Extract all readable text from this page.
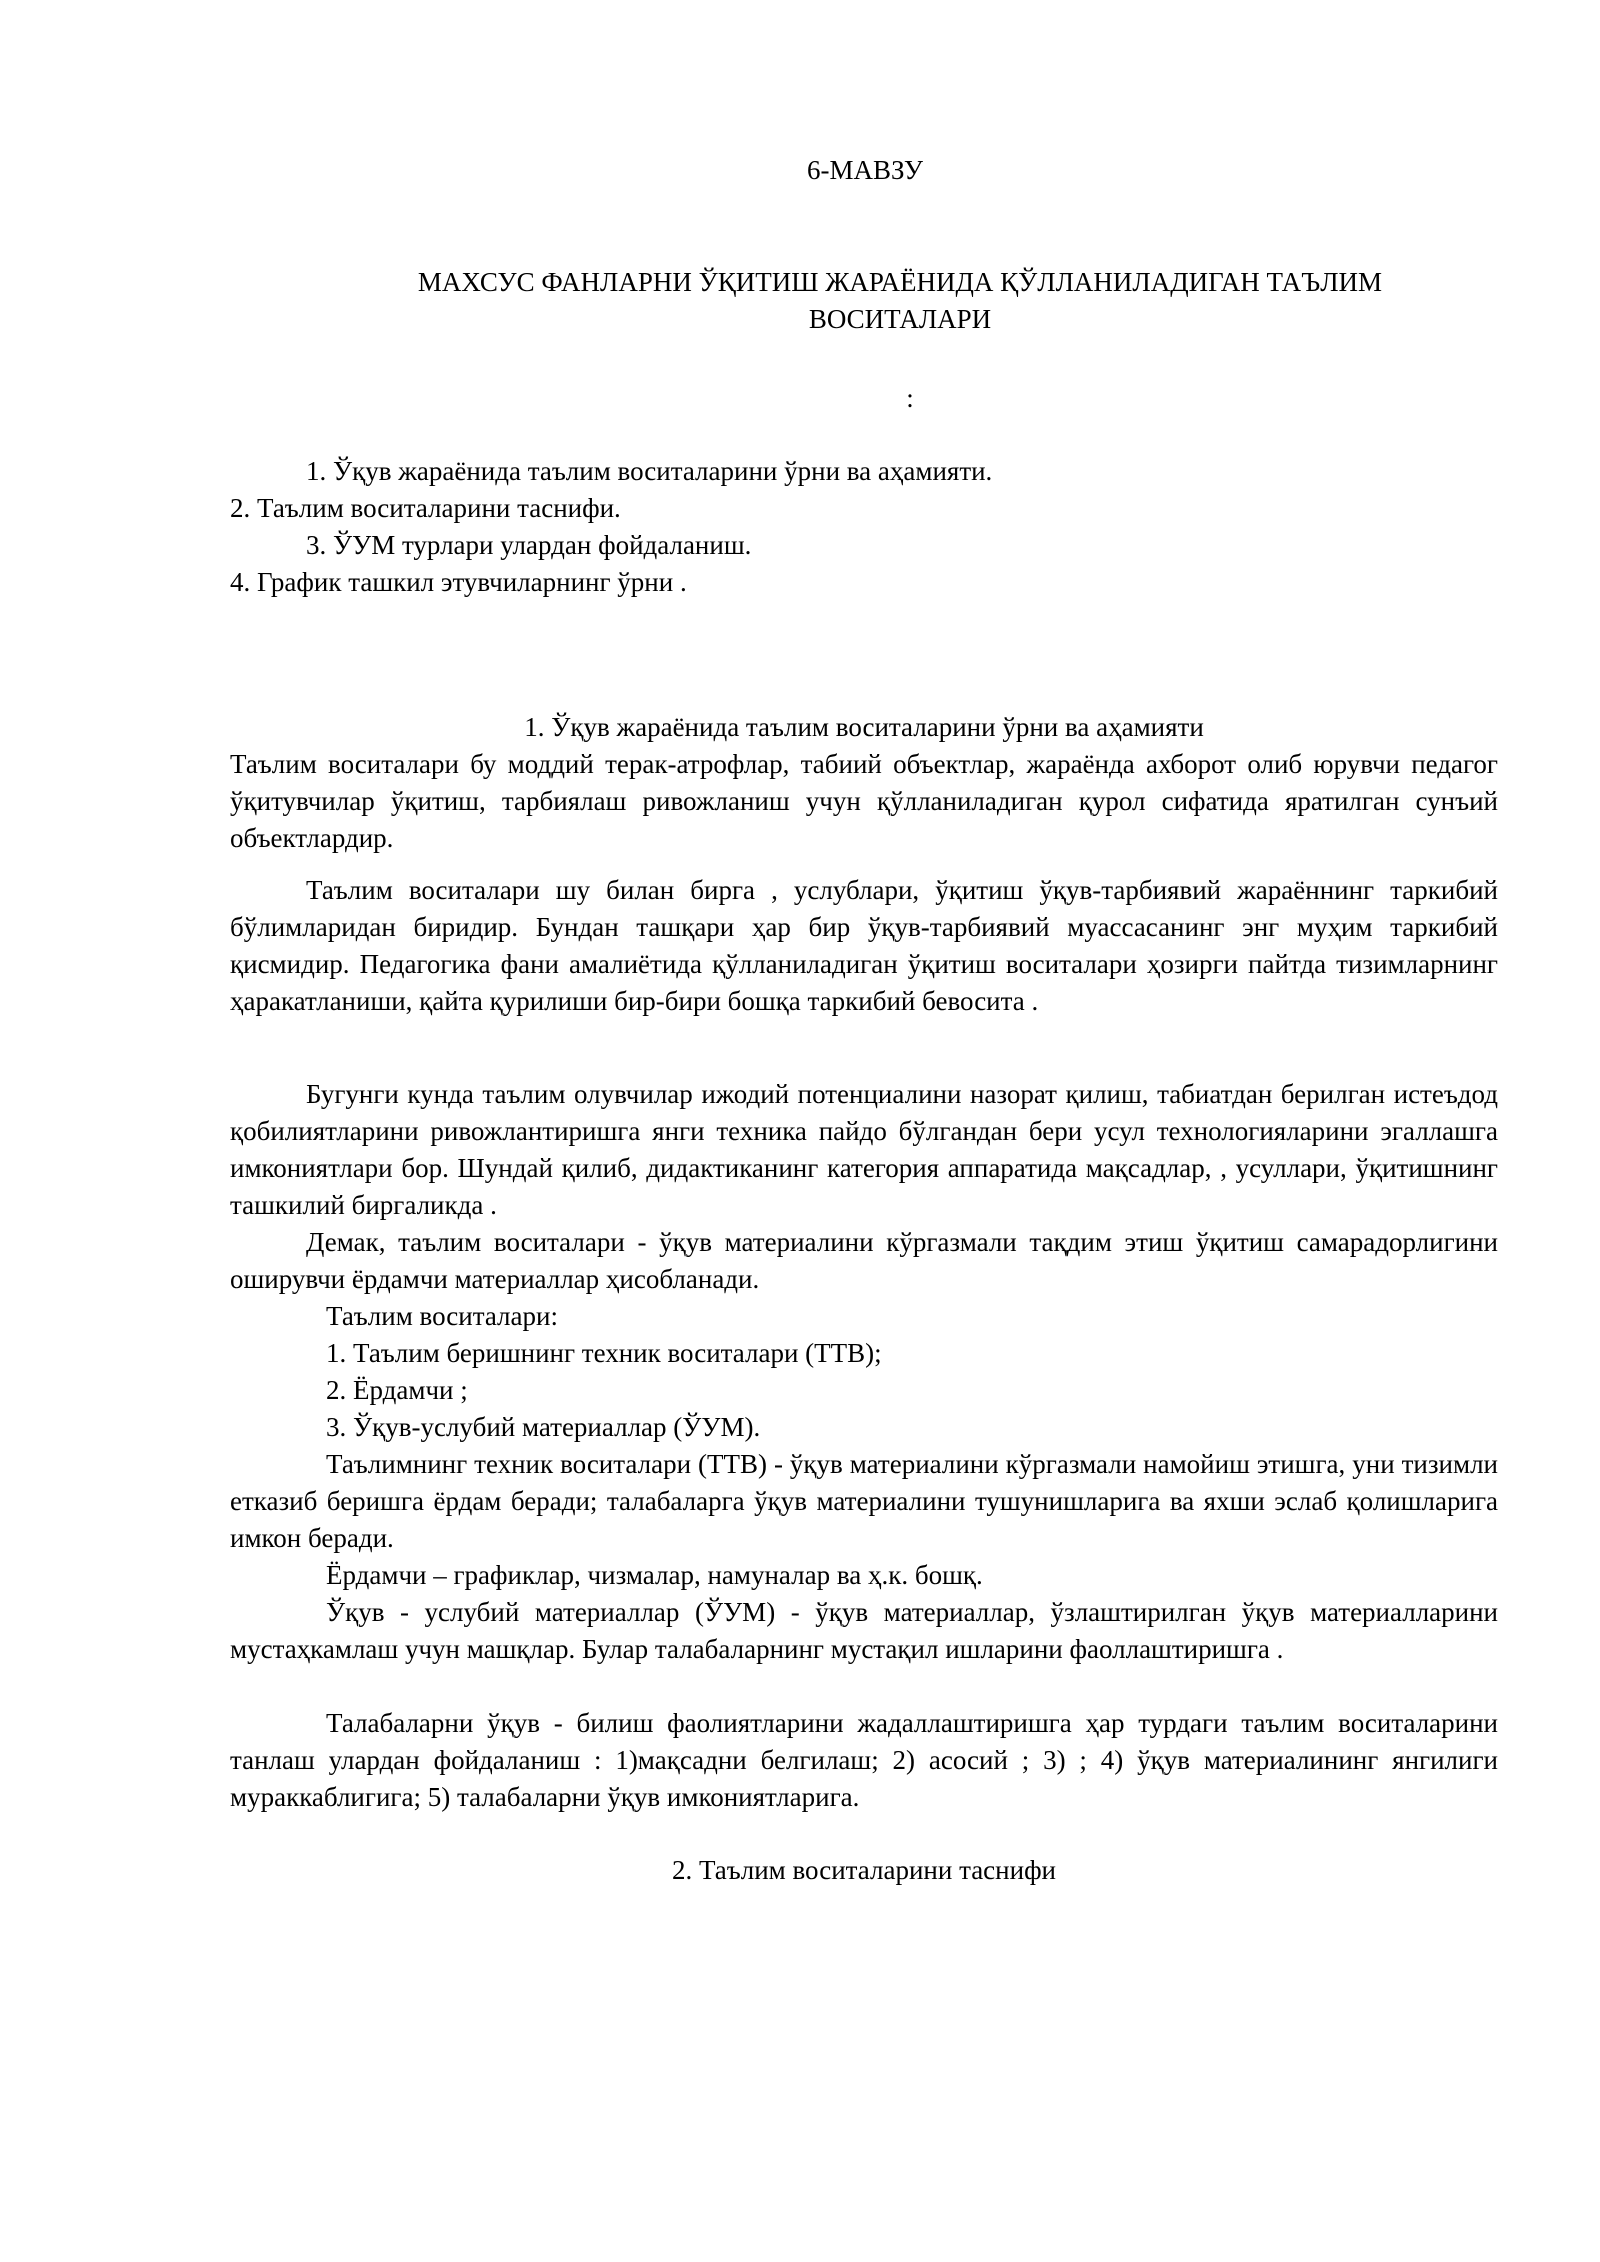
6-МАВЗУ
МАХСУС ФАНЛАРНИ ЎҚИТИШ ЖАРАЁНИДА ҚЎЛЛАНИЛАДИГАН ТАЪЛИМ
ВОСИТАЛАРИ
:
1. Ўқув жараёнида таълим воситаларини ўрни ва аҳамияти.
2. Таълим воситаларини таснифи.
3. ЎУМ турлари улардан фойдаланиш.
4. График ташкил этувчиларнинг ўрни .
1. Ўқув жараёнида таълим воситаларини ўрни ва аҳамияти
Таълим воситалари бу моддий терак-атрофлар, табиий объектлар, жараёнда ахборот олиб юрувчи педагог ўқитувчилар ўқитиш, тарбиялаш ривожланиш учун қўлланиладиган қурол сифатида яратилган сунъий объектлардир.
Таълим воситалари шу билан бирга , услублари, ўқитиш ўқув-тарбиявий жараённинг таркибий бўлимларидан биридир. Бундан ташқари ҳар бир ўқув-тарбиявий муассасанинг энг муҳим таркибий қисмидир. Педагогика фани амалиётида қўлланиладиган ўқитиш воситалари ҳозирги пайтда тизимларнинг ҳаракатланиши, қайта қурилиши бир-бири бошқа таркибий бевосита .
Бугунги кунда таълим олувчилар ижодий потенциалини назорат қилиш, табиатдан берилган истеъдод қобилиятларини ривожлантиришга янги техника пайдо бўлгандан бери усул технологияларини эгаллашга имкониятлари бор. Шундай қилиб, дидактиканинг категория аппаратида мақсадлар, , усуллари, ўқитишнинг ташкилий биргаликда .
Демак, таълим воситалари - ўқув материалини кўргазмали тақдим этиш ўқитиш самарадорлигини оширувчи ёрдамчи материаллар ҳисобланади.
Таълим воситалари:
1. Таълим беришнинг техник воситалари (ТТВ);
2. Ёрдамчи ;
3. Ўқув-услубий материаллар (ЎУМ).
Таълимнинг техник воситалари (ТТВ) - ўқув материалини кўргазмали намойиш этишга, уни тизимли етказиб беришга ёрдам беради; талабаларга ўқув материалини тушунишларига ва яхши эслаб қолишларига имкон беради.
Ёрдамчи – графиклар, чизмалар, намуналар ва ҳ.к. бошқ.
Ўқув - услубий материаллар (ЎУМ) - ўқув материаллар, ўзлаштирилган ўқув материалларини мустаҳкамлаш учун машқлар. Булар талабаларнинг мустақил ишларини фаоллаштиришга .
Талабаларни ўқув - билиш фаолиятларини жадаллаштиришга ҳар турдаги таълим воситаларини танлаш улардан фойдаланиш : 1)мақсадни белгилаш; 2) асосий ; 3) ; 4) ўқув материалининг янгилиги мураккаблигига; 5) талабаларни ўқув имкониятларига.
2. Таълим воситаларини таснифи
